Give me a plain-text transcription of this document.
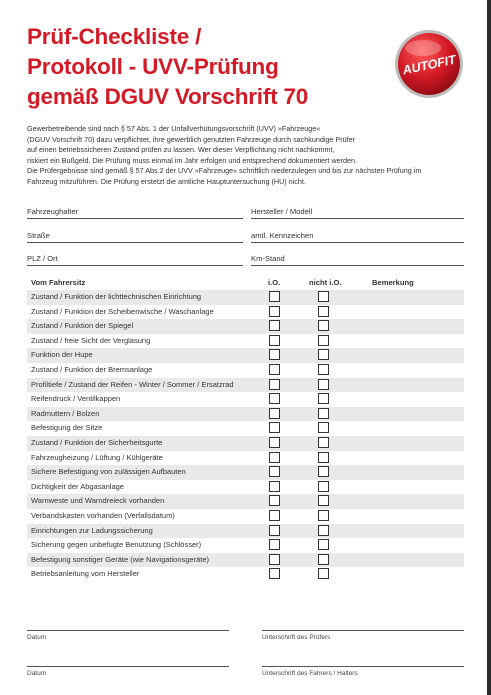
Prüf-Checkliste /
Protokoll - UVV-Prüfung
gemäß DGUV Vorschrift 70
AUTOFIT
Gewerbetreibende sind nach § 57 Abs. 1 der Unfallverhütungsvorschrift (UVV) »Fahrzeuge«
(DGUV Vorschrift 70) dazu verpflichtet, ihre gewerblich genutzten Fahrzeuge durch sachkundige Prüfer
auf einen betriebssicheren Zustand prüfen zu lassen. Wer dieser Verpflichtung nicht nachkommt,
riskiert ein Bußgeld. Die Prüfung muss einmal im Jahr erfolgen und entsprechend dokumentiert werden.
Die Prüfergebnisse sind gemäß § 57 Abs.2 der UVV »Fahrzeuge« schriftlich niederzulegen und bis zur nächsten Prüfung im
Fahrzeug mitzuführen. Die Prüfung erstetzt die amtliche Hauptuntersuchung (HU) nicht.
Fahrzeughalter	Hersteller / Modell
Straße	amtl. Kennzeichen
PLZ / Ort	Km-Stand
Vom Fahrersitz	i.O.	nicht i.O.	Bemerkung
Zustand / Funktion der lichttechnischen Einrichtung
Zustand / Funktion der Scheibenwische / Waschanlage
Zustand / Funktion der Spiegel
Zustand / freie Sicht der Verglasung
Funktion der Hupe
Zustand / Funktion der Bremsanlage
Profiltiefe / Zustand der Reifen - Winter / Sommer / Ersatzrad
Reifendruck / Ventilkappen
Radmuttern / Bolzen
Befestigung der Sitze
Zustand / Funktion der Sicherheitsgurte
Fahrzeugheizung / Lüftung / Kühlgeräte
Sichere Befestigung von zulässigen Aufbauten
Dichtigkeit der Abgasanlage
Warnweste und Warndreieck vorhanden
Verbandskasten vorhanden (Verfallsdatum)
Einrichtungen zur Ladungssicherung
Sicherung gegen unbefugte Benutzung (Schlösser)
Befestigung sonstiger Geräte (wie Navigationsgeräte)
Betriebsanleitung vom Hersteller
Datum	Unterschrift des Prüfers
Datum	Unterschrift des Fahrers / Halters
